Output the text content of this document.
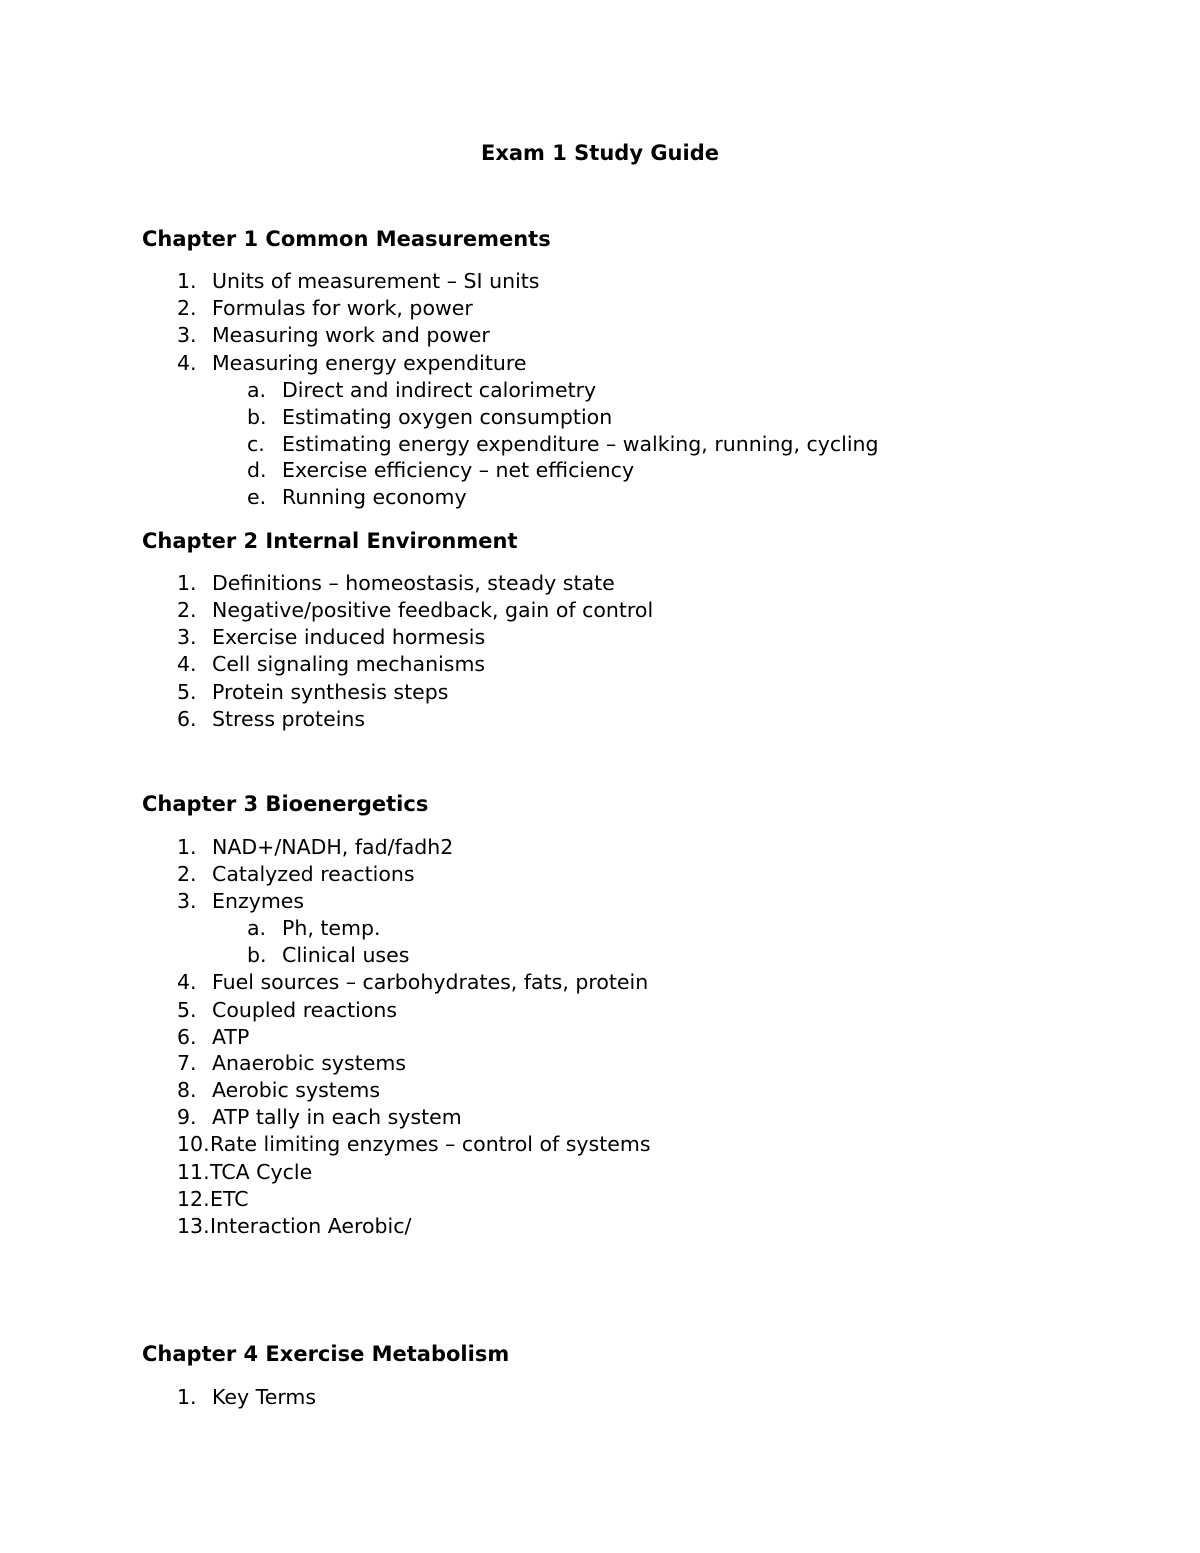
Exam 1 Study Guide
Chapter 1 Common Measurements
1. Units of measurement – SI units
2. Formulas for work, power
3. Measuring work and power
4. Measuring energy expenditure
a. Direct and indirect calorimetry
b. Estimating oxygen consumption
c. Estimating energy expenditure – walking, running, cycling
d. Exercise efficiency – net efficiency
e. Running economy
Chapter 2 Internal Environment
1. Definitions – homeostasis, steady state
2. Negative/positive feedback, gain of control
3. Exercise induced hormesis
4. Cell signaling mechanisms
5. Protein synthesis steps
6. Stress proteins
Chapter 3 Bioenergetics
1. NAD+/NADH, fad/fadh2
2. Catalyzed reactions
3. Enzymes
a. Ph, temp.
b. Clinical uses
4. Fuel sources – carbohydrates, fats, protein
5. Coupled reactions
6. ATP
7. Anaerobic systems
8. Aerobic systems
9. ATP tally in each system
10. Rate limiting enzymes – control of systems
11. TCA Cycle
12. ETC
13. Interaction Aerobic/
Chapter 4 Exercise Metabolism
1. Key Terms
